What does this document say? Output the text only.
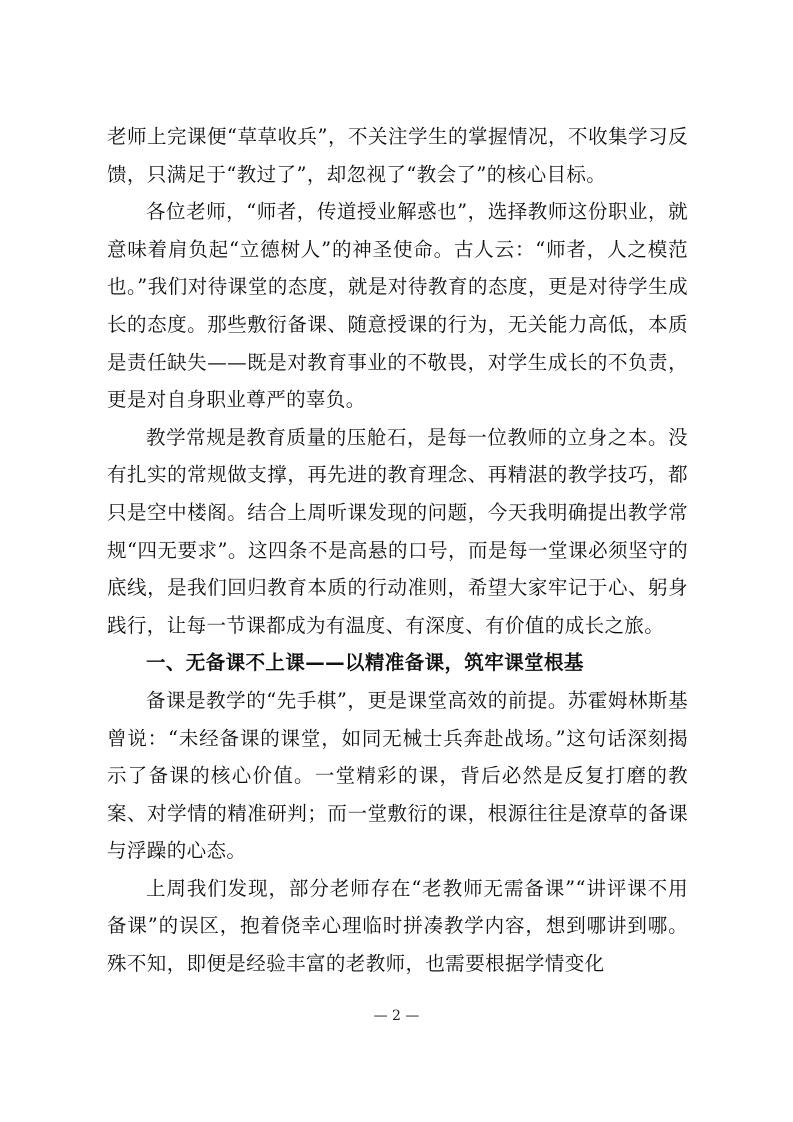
老师上完课便“草草收兵”，不关注学生的掌握情况，不收集学习反馈，只满足于“教过了”，却忽视了“教会了”的核心目标。

各位老师，“师者，传道授业解惑也”，选择教师这份职业，就意味着肩负起“立德树人”的神圣使命。古人云：“师者，人之模范也。”我们对待课堂的态度，就是对待教育的态度，更是对待学生成长的态度。那些敷衍备课、随意授课的行为，无关能力高低，本质是责任缺失——既是对教育事业的不敬畏，对学生成长的不负责，更是对自身职业尊严的辜负。

教学常规是教育质量的压舱石，是每一位教师的立身之本。没有扎实的常规做支撑，再先进的教育理念、再精湛的教学技巧，都只是空中楼阁。结合上周听课发现的问题，今天我明确提出教学常规“四无要求”。这四条不是高悬的口号，而是每一堂课必须坚守的底线，是我们回归教育本质的行动准则，希望大家牢记于心、躬身践行，让每一节课都成为有温度、有深度、有价值的成长之旅。

一、无备课不上课——以精准备课，筑牢课堂根基

备课是教学的“先手棋”，更是课堂高效的前提。苏霍姆林斯基曾说：“未经备课的课堂，如同无械士兵奔赴战场。”这句话深刻揭示了备课的核心价值。一堂精彩的课，背后必然是反复打磨的教案、对学情的精准研判；而一堂敷衍的课，根源往往是潦草的备课与浮躁的心态。

上周我们发现，部分老师存在“老教师无需备课”“讲评课不用备课”的误区，抱着侥幸心理临时拼凑教学内容，想到哪讲到哪。殊不知，即便是经验丰富的老教师，也需要根据学情变化

— 2 —
